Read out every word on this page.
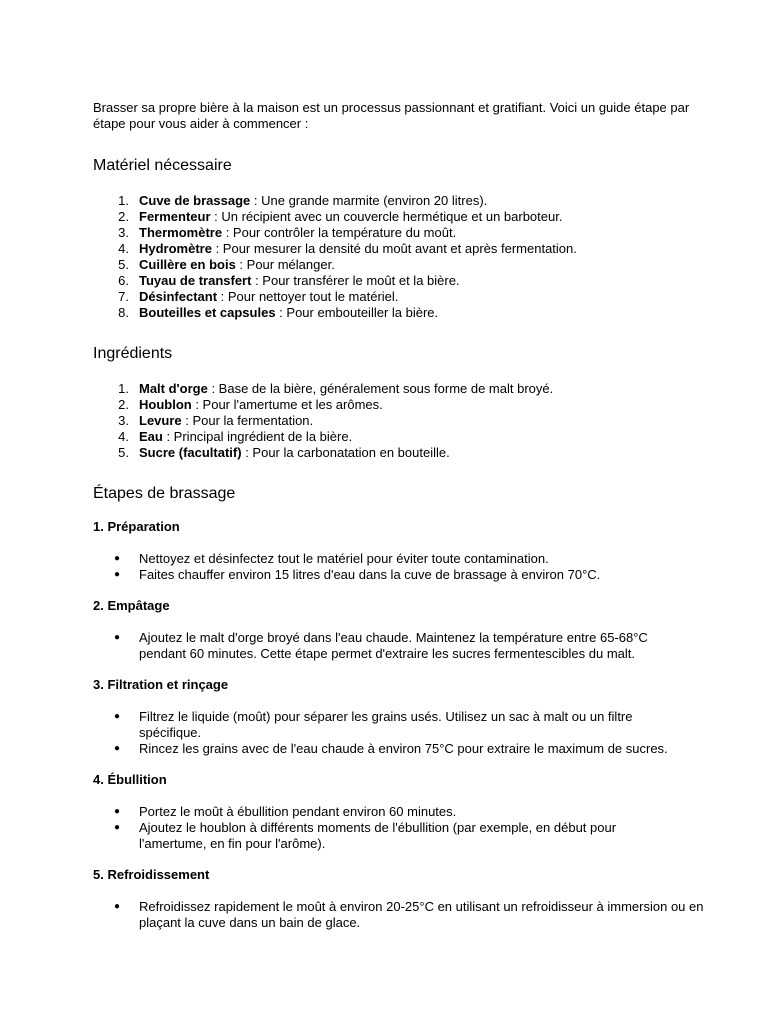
Brasser sa propre bière à la maison est un processus passionnant et gratifiant. Voici un guide étape par étape pour vous aider à commencer :

Matériel nécessaire
1. Cuve de brassage : Une grande marmite (environ 20 litres).
2. Fermenteur : Un récipient avec un couvercle hermétique et un barboteur.
3. Thermomètre : Pour contrôler la température du moût.
4. Hydromètre : Pour mesurer la densité du moût avant et après fermentation.
5. Cuillère en bois : Pour mélanger.
6. Tuyau de transfert : Pour transférer le moût et la bière.
7. Désinfectant : Pour nettoyer tout le matériel.
8. Bouteilles et capsules : Pour embouteiller la bière.
Ingrédients
1. Malt d'orge : Base de la bière, généralement sous forme de malt broyé.
2. Houblon : Pour l'amertume et les arômes.
3. Levure : Pour la fermentation.
4. Eau : Principal ingrédient de la bière.
5. Sucre (facultatif) : Pour la carbonatation en bouteille.
Étapes de brassage
1. Préparation
● Nettoyez et désinfectez tout le matériel pour éviter toute contamination.
● Faites chauffer environ 15 litres d'eau dans la cuve de brassage à environ 70°C.
2. Empâtage
● Ajoutez le malt d'orge broyé dans l'eau chaude. Maintenez la température entre 65-68°C pendant 60 minutes. Cette étape permet d'extraire les sucres fermentescibles du malt.
3. Filtration et rinçage
● Filtrez le liquide (moût) pour séparer les grains usés. Utilisez un sac à malt ou un filtre spécifique.
● Rincez les grains avec de l'eau chaude à environ 75°C pour extraire le maximum de sucres.
4. Ébullition
● Portez le moût à ébullition pendant environ 60 minutes.
● Ajoutez le houblon à différents moments de l'ébullition (par exemple, en début pour l'amertume, en fin pour l'arôme).
5. Refroidissement
● Refroidissez rapidement le moût à environ 20-25°C en utilisant un refroidisseur à immersion ou en plaçant la cuve dans un bain de glace.
